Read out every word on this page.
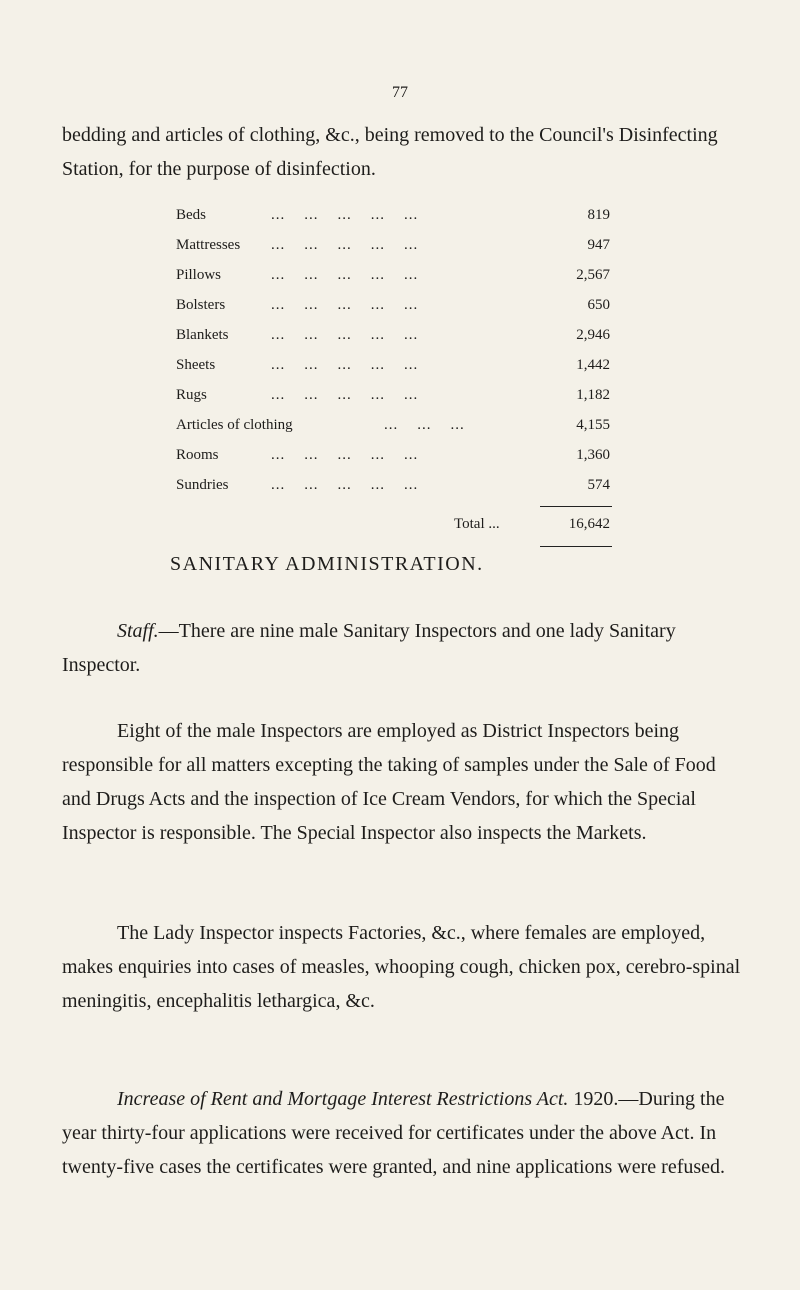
77
bedding and articles of clothing, &c., being removed to the Council's Disinfecting Station, for the purpose of disinfection.
Beds	...    ...    ...    ...    ...	819
Mattresses ...    ...    ...    ...    ...	947
Pillows	...    ...    ...    ...    ...	2,567
Bolsters	...    ...    ...    ...    ...	650
Blankets	...    ...    ...    ...    ...	2,946
Sheets	...    ...    ...    ...    ...	1,442
Rugs	...    ...    ...    ...    ...	1,182
Articles of clothing	...    ...    ...	4,155
Rooms	...    ...    ...    ...    ...	1,360
Sundries	...    ...    ...    ...    ...	574
Total ...	16,642
SANITARY ADMINISTRATION.
Staff.—There are nine male Sanitary Inspectors and one lady Sanitary Inspector.
Eight of the male Inspectors are employed as District Inspectors being responsible for all matters excepting the taking of samples under the Sale of Food and Drugs Acts and the inspection of Ice Cream Vendors, for which the Special Inspector is responsible. The Special Inspector also inspects the Markets.
The Lady Inspector inspects Factories, &c., where females are employed, makes enquiries into cases of measles, whooping cough, chicken pox, cerebro-spinal meningitis, encephalitis lethargica, &c.
Increase of Rent and Mortgage Interest Restrictions Act. 1920.—During the year thirty-four applications were received for certificates under the above Act. In twenty-five cases the certificates were granted, and nine applications were refused.
